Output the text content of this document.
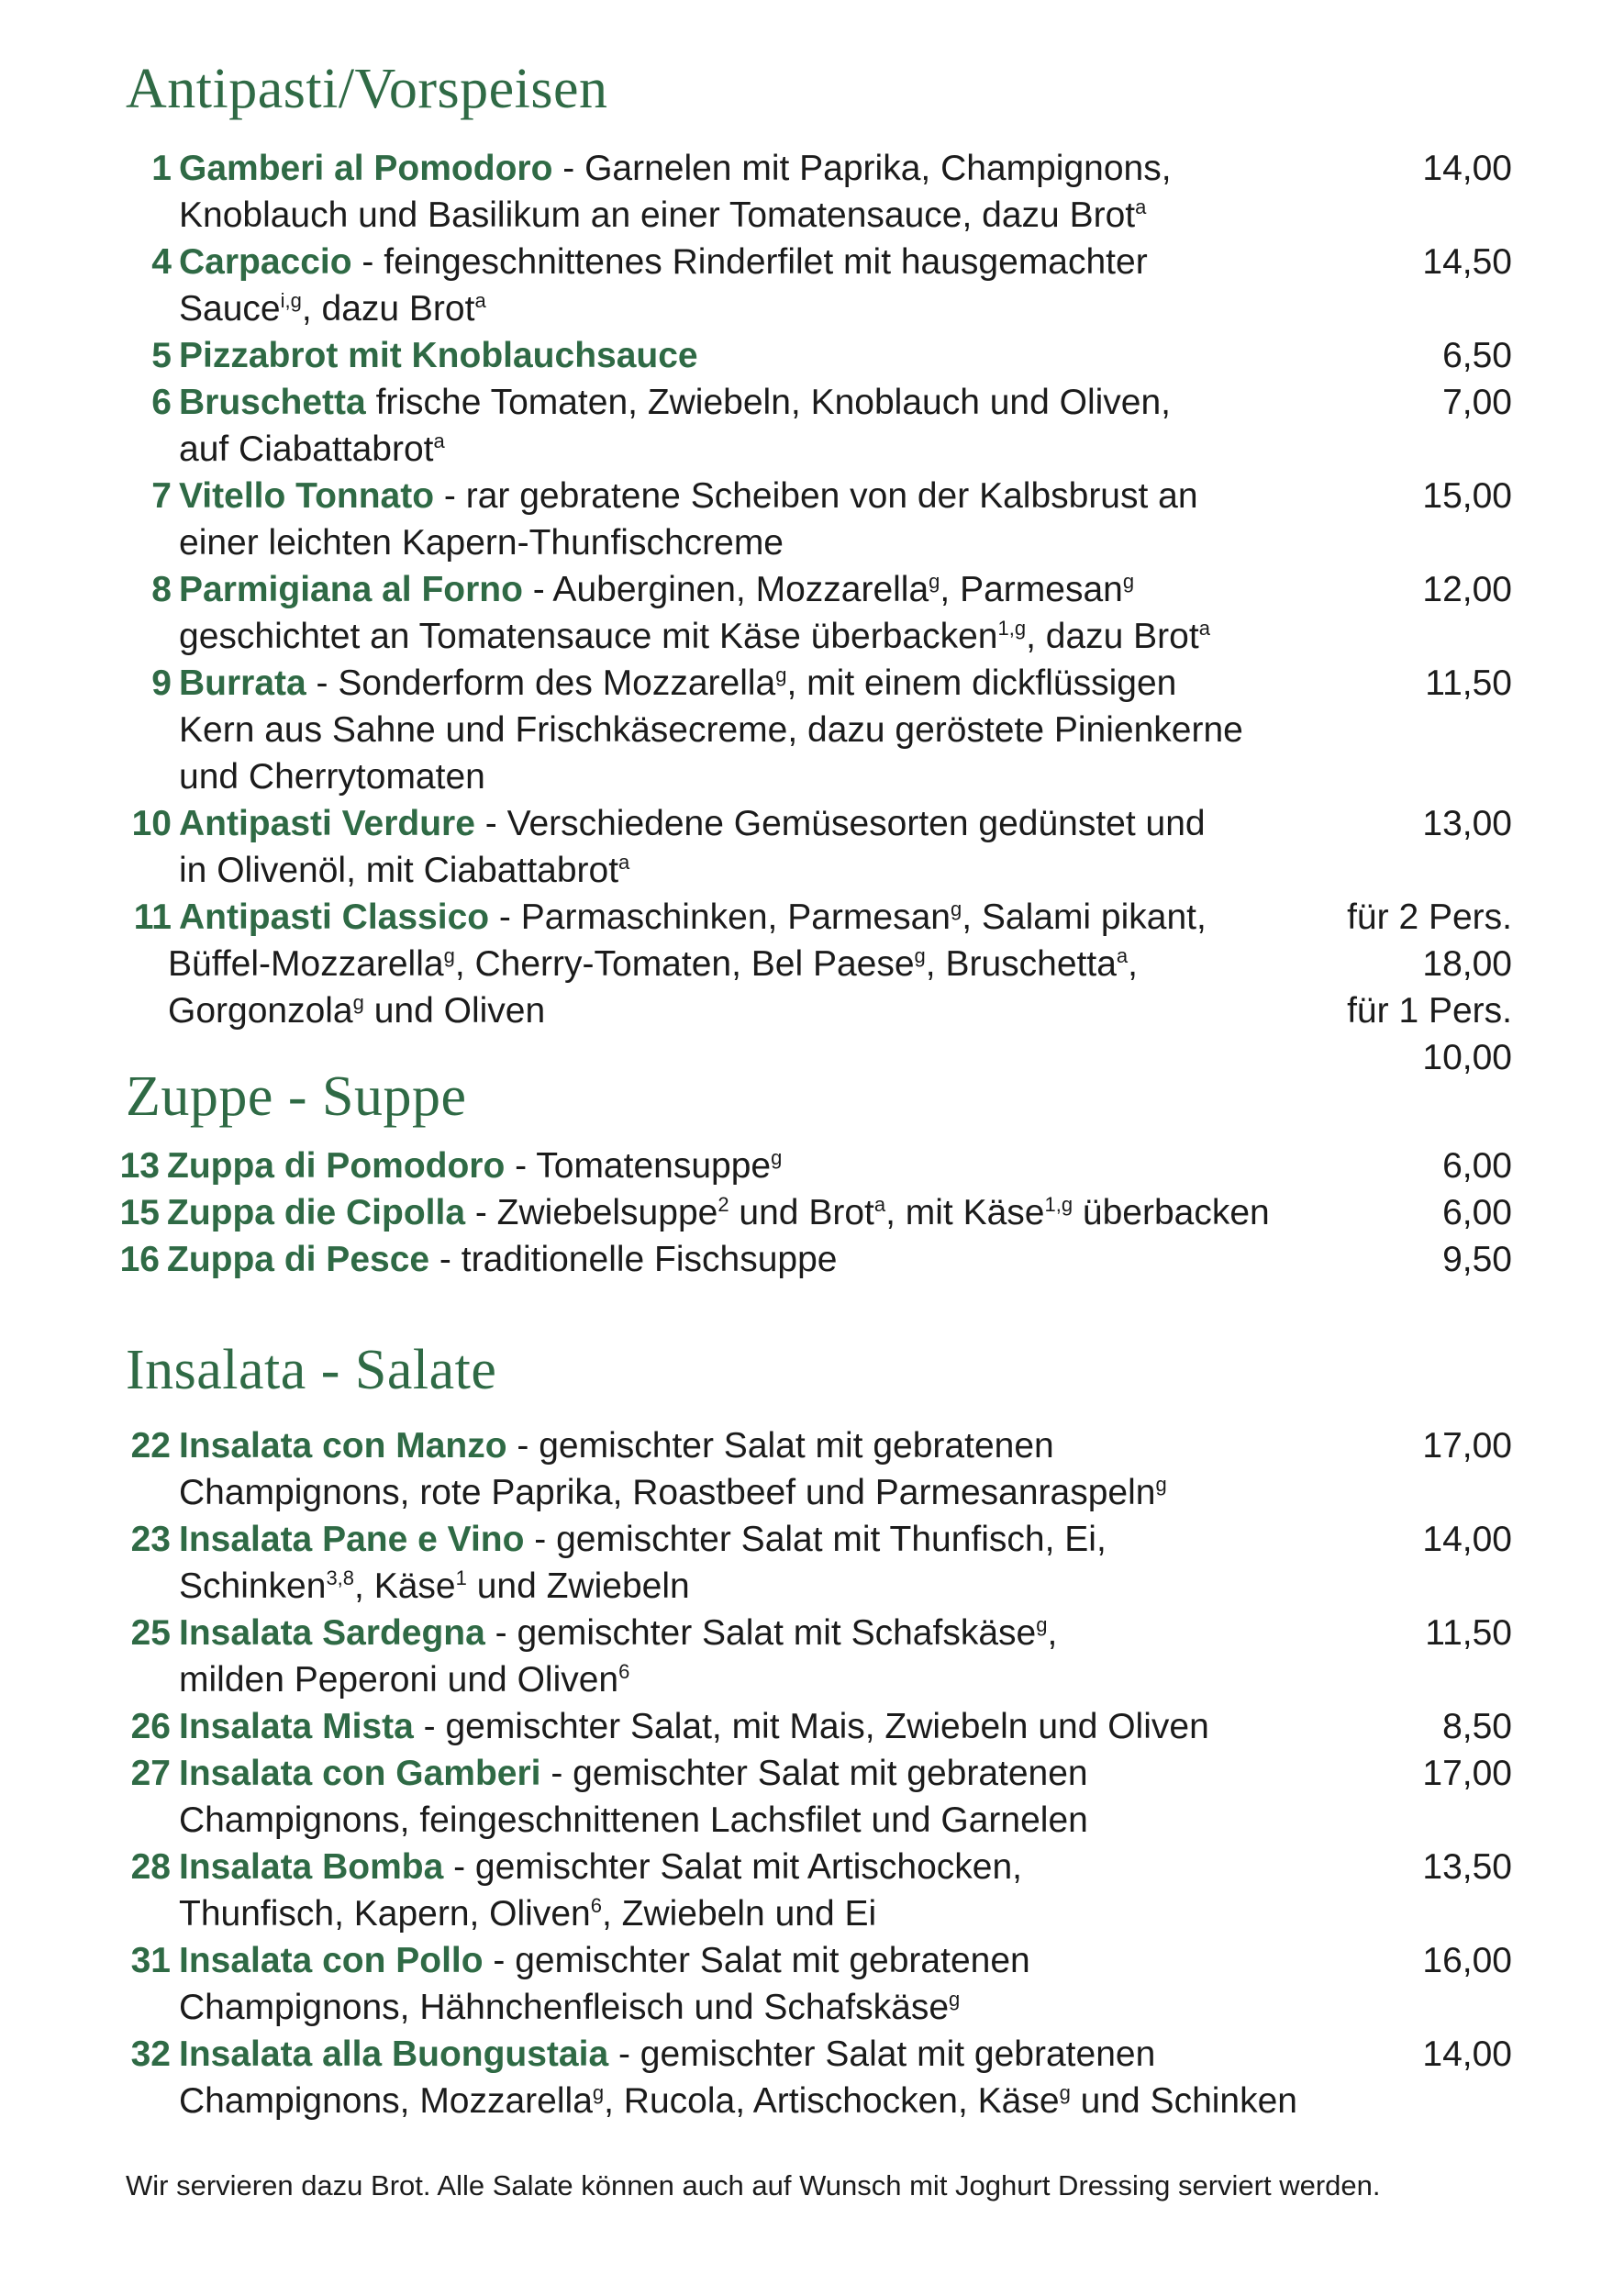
Antipasti/Vorspeisen
1 Gamberi al Pomodoro - Garnelen mit Paprika, Champignons,	14,00
Knoblauch und Basilikum an einer Tomatensauce, dazu Brot$^a$
4 Carpaccio - feingeschnittenes Rinderfilet mit hausgemachter	14,50
Sauce$^{i,g}$, dazu Brot$^a$
5 Pizzabrot mit Knoblauchsauce	6,50
6 Bruschetta frische Tomaten, Zwiebeln, Knoblauch und Oliven,	7,00
auf Ciabattabrot$^a$
7 Vitello Tonnato - rar gebratene Scheiben von der Kalbsbrust an	15,00
einer leichten Kapern-Thunfischcreme
8 Parmigiana al Forno - Auberginen, Mozzarella$^g$, Parmesan$^g$	12,00
geschichtet an Tomatensauce mit Käse überbacken$^{1,g}$, dazu Brot$^a$
9 Burrata - Sonderform des Mozzarella$^g$, mit einem dickflüssigen	11,50
Kern aus Sahne und Frischkäsecreme, dazu geröstete Pinienkerne
und Cherrytomaten
10 Antipasti Verdure - Verschiedene Gemüsesorten gedünstet und	13,00
in Olivenöl, mit Ciabattabrot$^a$
11 Antipasti Classico - Parmaschinken, Parmesan$^g$, Salami pikant,	für 2 Pers.
Büffel-Mozzarella$^g$, Cherry-Tomaten, Bel Paese$^g$, Bruschetta$^a$,	18,00
Gorgonzola$^g$ und Oliven	für 1 Pers.
10,00
Zuppe - Suppe
13 Zuppa di Pomodoro - Tomatensuppe$^g$	6,00
15 Zuppa die Cipolla - Zwiebelsuppe$^2$ und Brot$^a$, mit Käse$^{1,g}$ überbacken	6,00
16 Zuppa di Pesce - traditionelle Fischsuppe	9,50
Insalata - Salate
22 Insalata con Manzo - gemischter Salat mit gebratenen	17,00
Champignons, rote Paprika, Roastbeef und Parmesanraspeln$^g$
23 Insalata Pane e Vino - gemischter Salat mit Thunfisch, Ei,	14,00
Schinken$^{3,8}$, Käse$^1$ und Zwiebeln
25 Insalata Sardegna - gemischter Salat mit Schafskäse$^g$,	11,50
milden Peperoni und Oliven$^6$
26 Insalata Mista - gemischter Salat, mit Mais, Zwiebeln und Oliven	8,50
27 Insalata con Gamberi - gemischter Salat mit gebratenen	17,00
Champignons, feingeschnittenen Lachsfilet und Garnelen
28 Insalata Bomba - gemischter Salat mit Artischocken,	13,50
Thunfisch, Kapern, Oliven$^6$, Zwiebeln und Ei
31 Insalata con Pollo - gemischter Salat mit gebratenen	16,00
Champignons, Hähnchenfleisch und Schafskäse$^g$
32 Insalata alla Buongustaia - gemischter Salat mit gebratenen	14,00
Champignons, Mozzarella$^g$, Rucola, Artischocken, Käse$^g$ und Schinken
Wir servieren dazu Brot. Alle Salate können auch auf Wunsch mit Joghurt Dressing serviert werden.
